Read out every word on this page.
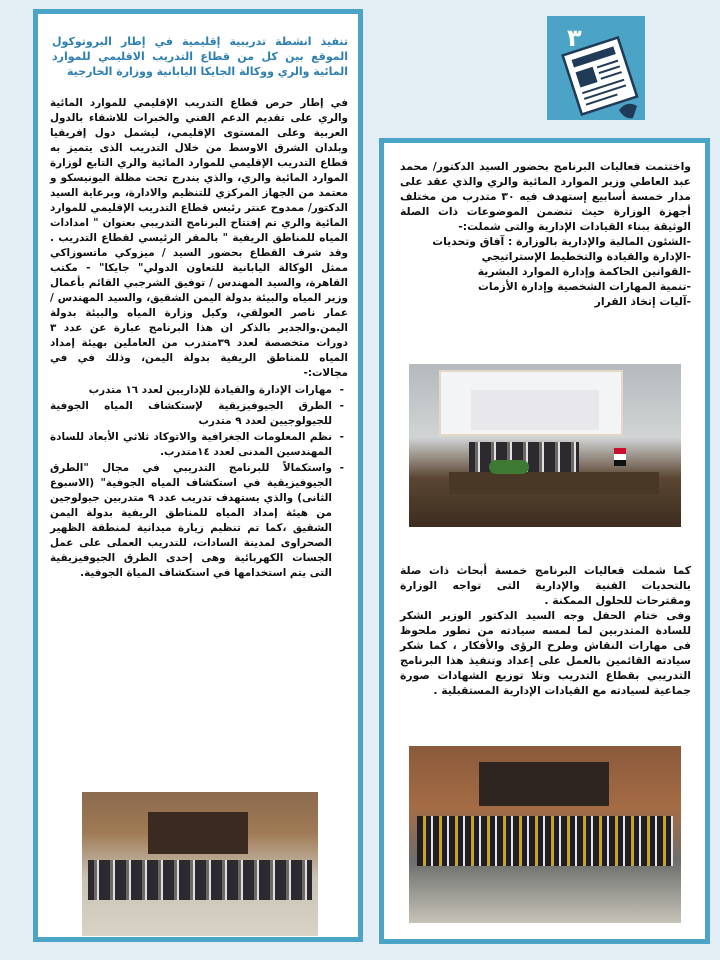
٣
تنفيذ انشطة تدريبية إقليمية في إطار البروتوكول الموقع بين كل من قطاع التدريب الاقليمي للموارد المائية والري ووكالة الجايكا اليابانية ووزارة الخارجية

في إطار حرص قطاع التدريب الإقليمي للموارد المائية والري على تقديم الدعم الفني والخبرات للاشقاء بالدول العربية وعلى المستوى الإقليمي، ليشمل دول إفريقيا وبلدان الشرق الاوسط من خلال التدريب الذى يتميز به قطاع التدريب الإقليمي للموارد المائية والري التابع لوزارة الموارد المائية والري، والذي يندرج تحت مظلة اليونيسكو و معتمد من الجهاز المركزي للتنظيم والادارة، وبرعاية السيد الدكتور/ ممدوح عنتر رئيس قطاع التدريب الإقليمي للموارد المائية والري تم إفتتاح البرنامج التدريبي بعنوان " امدادات المياه للمناطق الريفية " بالمقر الرئيسي لقطاع التدريب . وقد شرف القطاع بحضور السيد / ميزوكي ماتسوزاكي ممثل الوكالة اليابانية للتعاون الدولي" جايكا" - مكتب القاهرة، والسيد المهندس / توفيق الشرجبي القائم بأعمال وزير المياه والبيئة بدولة اليمن الشقيق، والسيد المهندس / عمار ناصر العولقي، وكيل وزارة المياه والبيئة بدولة اليمن.والجدير بالذكر ان هذا البرنامج عبارة عن عدد ٣ دورات متخصصة لعدد ٣٩متدرب من العاملين بهيئة إمداد المياه للمناطق الريفية بدولة اليمن، وذلك في في مجالات:-

- مهارات الإدارة والقيادة للإداريين لعدد ١٦ متدرب
- الطرق الجيوفيزيقية لإستكشاف المياه الجوفية للجيولوجيين لعدد ٩ متدرب
- نظم المعلومات الجغرافية والاتوكاد ثلاثي الأبعاد للسادة المهندسين المدنى لعدد ١٤متدرب.
- واستكمالاً للبرنامج التدريبي في مجال "الطرق الجيوفيزيقية في استكشاف المياه الجوفية" (الاسبوع الثانى) والذي يستهدف تدريب عدد ٩ متدربين جيولوجين من هيئة إمداد المياه للمناطق الريفية بدولة اليمن الشقيق ،كما تم تنظيم زيارة ميدانية لمنطقة الظهير الصحراوى لمدينة السادات، للتدريب العملى على عمل الجسات الكهربائية وهى إحدى الطرق الجيوفيزيقية التى يتم استخدامها في استكشاف المياة الجوفية.

واختتمت فعاليات البرنامج بحضور السيد الدكتور/ محمد عبد العاطي وزير الموارد المائية والري والذي عقد على مدار خمسة أسابيع إستهدف فيه ٣٠ متدرب من مختلف أجهزة الوزارة حيث تتضمن الموضوعات ذات الصلة الوثيقة ببناء القيادات الإدارية والتى شملت:-

-الشئون المالية والإدارية بالوزارة : آفاق وتحديات

-الإدارة والقيادة والتخطيط الإستراتيجي

-القوانين الحاكمة وإدارة الموارد البشرية

-تنمية المهارات الشخصية وإدارة الأزمات

-آليات إتخاذ القرار

كما شملت فعاليات البرنامج خمسة أبحاث ذات صلة بالتحديات الفنية والإدارية التى تواجه الوزارة ومقترحات للحلول الممكنة .

وفى ختام الحفل وجه السيد الدكتور الوزير الشكر للسادة المتدربين لما لمسه سيادته من تطور ملحوظ فى مهارات النقاش وطرح الرؤى والأفكار ، كما شكر سيادته القائمين بالعمل على إعداد وتنفيذ هذا البرنامج التدريبي بقطاع التدريب وتلا توزيع الشهادات صورة جماعية لسيادته مع القيادات الإدارية المستقبلية .
